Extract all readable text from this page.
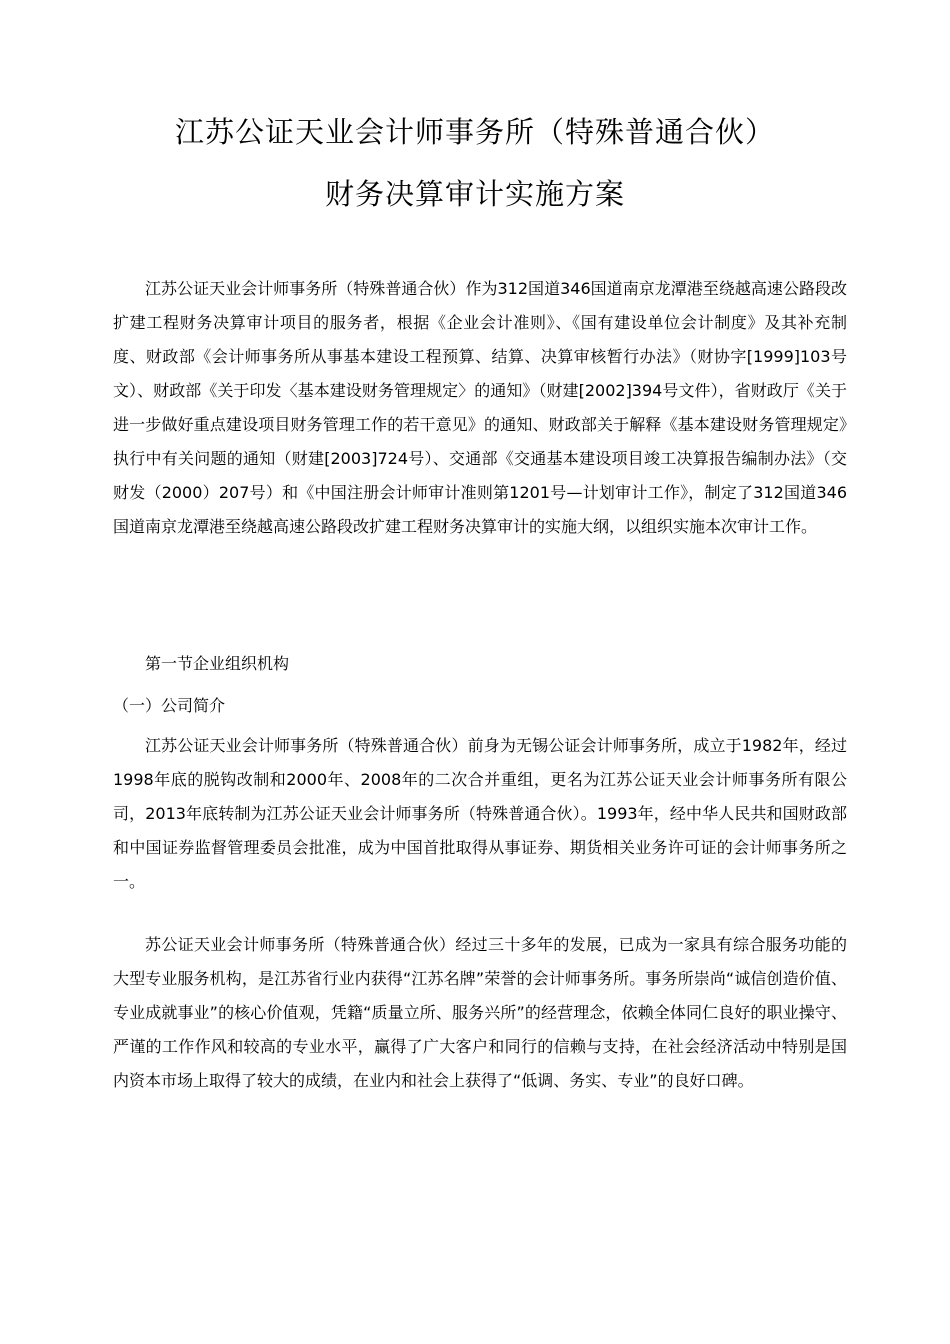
江苏公证天业会计师事务所（特殊普通合伙）
财务决算审计实施方案

江苏公证天业会计师事务所（特殊普通合伙）作为312国道346国道南京龙潭港至绕越高速公路段改扩建工程财务决算审计项目的服务者，根据《企业会计准则》、《国有建设单位会计制度》及其补充制度、财政部《会计师事务所从事基本建设工程预算、结算、决算审核暂行办法》（财协字[1999]103号文）、财政部《关于印发〈基本建设财务管理规定〉的通知》（财建[2002]394号文件），省财政厅《关于进一步做好重点建设项目财务管理工作的若干意见》的通知、财政部关于解释《基本建设财务管理规定》执行中有关问题的通知（财建[2003]724号）、交通部《交通基本建设项目竣工决算报告编制办法》（交财发（2000）207号）和《中国注册会计师审计准则第1201号—计划审计工作》，制定了312国道346国道南京龙潭港至绕越高速公路段改扩建工程财务决算审计的实施大纲，以组织实施本次审计工作。

第一节企业组织机构

（一）公司简介

江苏公证天业会计师事务所（特殊普通合伙）前身为无锡公证会计师事务所，成立于1982年，经过1998年底的脱钩改制和2000年、2008年的二次合并重组，更名为江苏公证天业会计师事务所有限公司，2013年底转制为江苏公证天业会计师事务所（特殊普通合伙）。1993年，经中华人民共和国财政部和中国证券监督管理委员会批准，成为中国首批取得从事证券、期货相关业务许可证的会计师事务所之一。

苏公证天业会计师事务所（特殊普通合伙）经过三十多年的发展，已成为一家具有综合服务功能的大型专业服务机构，是江苏省行业内获得“江苏名牌”荣誉的会计师事务所。事务所崇尚“诚信创造价值、专业成就事业”的核心价值观，凭籍“质量立所、服务兴所”的经营理念，依赖全体同仁良好的职业操守、严谨的工作作风和较高的专业水平，赢得了广大客户和同行的信赖与支持，在社会经济活动中特别是国内资本市场上取得了较大的成绩，在业内和社会上获得了“低调、务实、专业”的良好口碑。
